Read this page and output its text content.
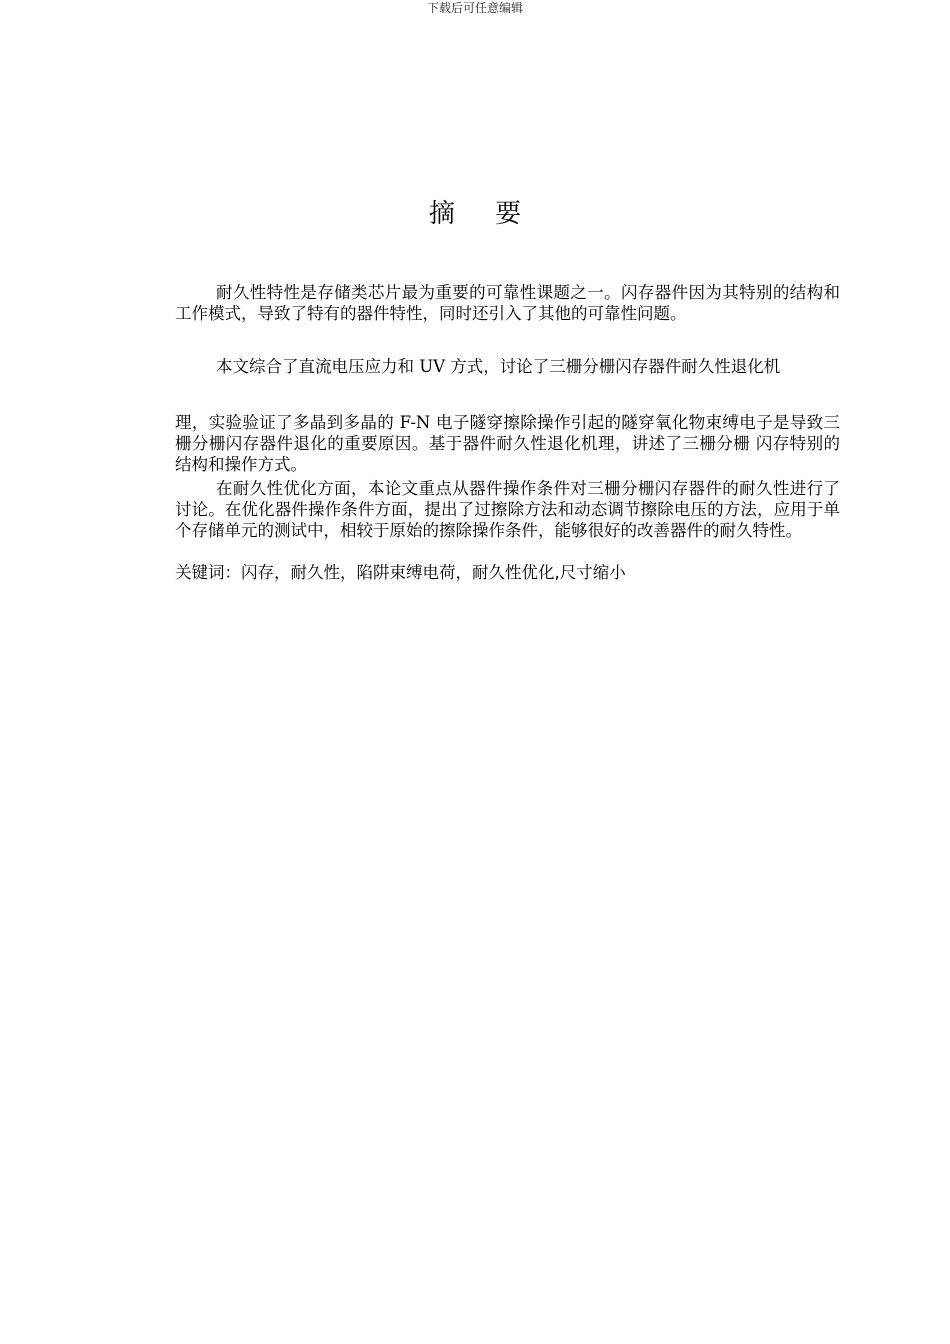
下载后可任意编辑
摘 要

耐久性特性是存储类芯片最为重要的可靠性课题之一。闪存器件因为其特别的结构和工作模式，导致了特有的器件特性，同时还引入了其他的可靠性问题。

本文综合了直流电压应力和 UV 方式，讨论了三栅分栅闪存器件耐久性退化机

理，实验验证了多晶到多晶的 F-N 电子隧穿擦除操作引起的隧穿氧化物束缚电子是导致三栅分栅闪存器件退化的重要原因。基于器件耐久性退化机理，讲述了三栅分栅 闪存特别的结构和操作方式。

在耐久性优化方面，本论文重点从器件操作条件对三栅分栅闪存器件的耐久性进行了讨论。在优化器件操作条件方面，提出了过擦除方法和动态调节擦除电压的方法，应用于单个存储单元的测试中，相较于原始的擦除操作条件，能够很好的改善器件的耐久特性。

关键词：闪存，耐久性，陷阱束缚电荷，耐久性优化,尺寸缩小
